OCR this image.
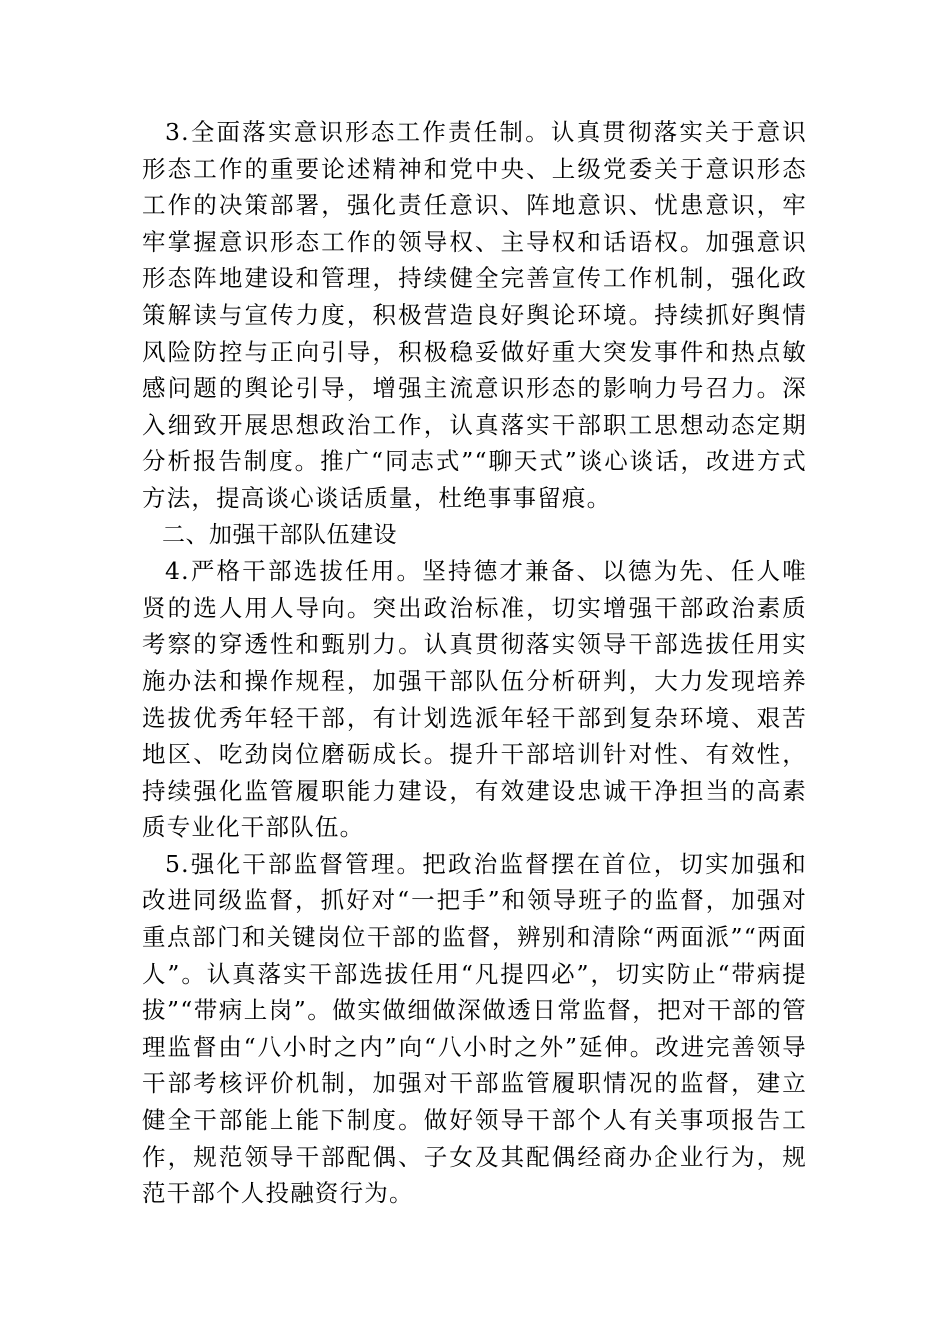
3.全面落实意识形态工作责任制。认真贯彻落实关于意识形态工作的重要论述精神和党中央、上级党委关于意识形态工作的决策部署，强化责任意识、阵地意识、忧患意识，牢牢掌握意识形态工作的领导权、主导权和话语权。加强意识形态阵地建设和管理，持续健全完善宣传工作机制，强化政策解读与宣传力度，积极营造良好舆论环境。持续抓好舆情风险防控与正向引导，积极稳妥做好重大突发事件和热点敏感问题的舆论引导，增强主流意识形态的影响力号召力。深入细致开展思想政治工作，认真落实干部职工思想动态定期分析报告制度。推广“同志式”“聊天式”谈心谈话，改进方式方法，提高谈心谈话质量，杜绝事事留痕。

二、加强干部队伍建设

4.严格干部选拔任用。坚持德才兼备、以德为先、任人唯贤的选人用人导向。突出政治标准，切实增强干部政治素质考察的穿透性和甄别力。认真贯彻落实领导干部选拔任用实施办法和操作规程，加强干部队伍分析研判，大力发现培养选拔优秀年轻干部，有计划选派年轻干部到复杂环境、艰苦地区、吃劲岗位磨砺成长。提升干部培训针对性、有效性，持续强化监管履职能力建设，有效建设忠诚干净担当的高素质专业化干部队伍。

5.强化干部监督管理。把政治监督摆在首位，切实加强和改进同级监督，抓好对“一把手”和领导班子的监督，加强对重点部门和关键岗位干部的监督，辨别和清除“两面派”“两面人”。认真落实干部选拔任用“凡提四必”，切实防止“带病提拔”“带病上岗”。做实做细做深做透日常监督，把对干部的管理监督由“八小时之内”向“八小时之外”延伸。改进完善领导干部考核评价机制，加强对干部监管履职情况的监督，建立健全干部能上能下制度。做好领导干部个人有关事项报告工作，规范领导干部配偶、子女及其配偶经商办企业行为，规范干部个人投融资行为。
